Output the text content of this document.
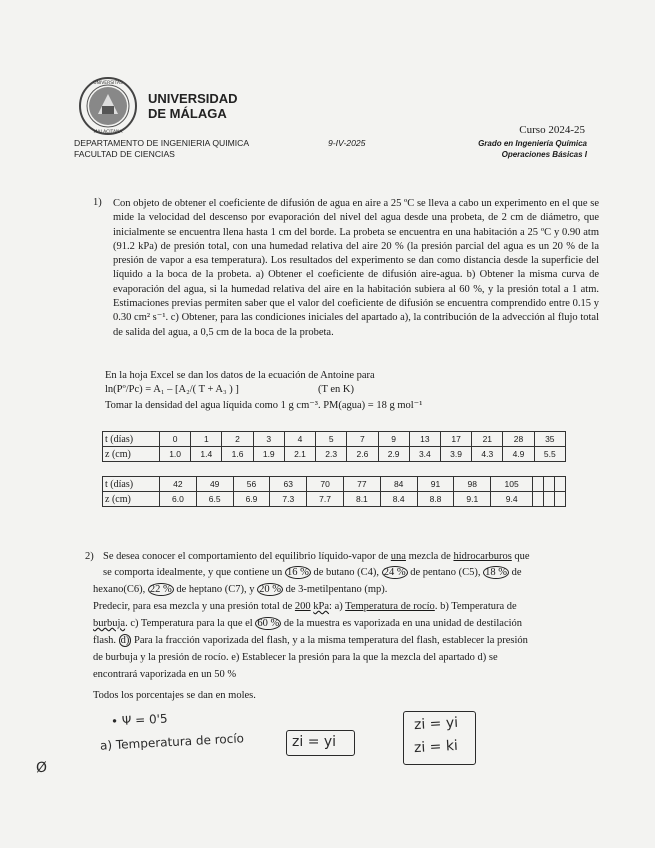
UNIVERSITAS
MALACITANA
UNIVERSIDAD
DE MÁLAGA
DEPARTAMENTO DE INGENIERIA QUIMICA
FACULTAD DE CIENCIAS
9-IV-2025
Curso 2024-25
Grado en Ingeniería Química
Operaciones Básicas I
1) Con objeto de obtener el coeficiente de difusión de agua en aire a 25 ºC se lleva a cabo un experimento en el que se mide la velocidad del descenso por evaporación del nivel del agua desde una probeta, de 2 cm de diámetro, que inicialmente se encuentra llena hasta 1 cm del borde. La probeta se encuentra en una habitación a 25 ºC y 0.90 atm (91.2 kPa) de presión total, con una humedad relativa del aire 20 % (la presión parcial del agua es un 20 % de la presión de vapor a esa temperatura). Los resultados del experimento se dan como distancia desde la superficie del líquido a la boca de la probeta. a) Obtener el coeficiente de difusión aire-agua. b) Obtener la misma curva de evaporación del agua, si la humedad relativa del aire en la habitación subiera al 60 %, y la presión total a 1 atm. Estimaciones previas permiten saber que el valor del coeficiente de difusión se encuentra comprendido entre 0.15 y 0.30 cm² s⁻¹. c) Obtener, para las condiciones iniciales del apartado a), la contribución de la advección al flujo total de salida del agua, a 0,5 cm de la boca de la probeta.
En la hoja Excel se dan los datos de la ecuación de Antoine para
ln(Pº/Pc) = A₁ – [A₂/( T + A₃ ) ]	(T en K)
Tomar la densidad del agua líquida como 1 g cm⁻³. PM(agua) = 18 g mol⁻¹
t (días)	0	1	2	3	4	5	7	9	13	17	21	28	35
z (cm)	1.0	1.4	1.6	1.9	2.1	2.3	2.6	2.9	3.4	3.9	4.3	4.9	5.5
t (días)	42	49	56	63	70	77	84	91	98	105			
z (cm)	6.0	6.5	6.9	7.3	7.7	8.1	8.4	8.8	9.1	9.4			
2) Se desea conocer el comportamiento del equilibrio líquido-vapor de una mezcla de hidrocarburos que
se comporta idealmente, y que contiene un 16 % de butano (C4), 24 % de pentano (C5), 18 % de
hexano(C6), 22 % de heptano (C7), y 20 % de 3-metilpentano (mp).
Predecir, para esa mezcla y una presión total de 200 kPa: a) Temperatura de rocío. b) Temperatura de
burbuja. c) Temperatura para la que el 60 % de la muestra es vaporizada en una unidad de destilación
flash. d) Para la fracción vaporizada del flash, y a la misma temperatura del flash, establecer la presión
de burbuja y la presión de rocío. e) Establecer la presión para la que la mezcla del apartado d) se
encontrará vaporizada en un 50 %
Todos los porcentajes se dan en moles.
• Ψ = 0'5
a) Temperatura de rocío	zi = yi
zi = yi
zi = ki
Ø
